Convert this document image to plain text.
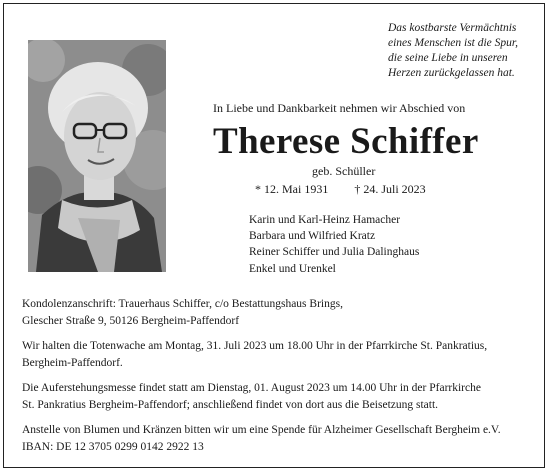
Das kostbarste Vermächtnis
eines Menschen ist die Spur,
die seine Liebe in unseren
Herzen zurückgelassen hat.
In Liebe und Dankbarkeit nehmen wir Abschied von
Therese Schiffer
geb. Schüller
* 12. Mai 1931 † 24. Juli 2023
Karin und Karl-Heinz Hamacher
Barbara und Wilfried Kratz
Reiner Schiffer und Julia Dalinghaus
Enkel und Urenkel
Kondolenzanschrift: Trauerhaus Schiffer, c/o Bestattungshaus Brings,
Glescher Straße 9, 50126 Bergheim-Paffendorf
Wir halten die Totenwache am Montag, 31. Juli 2023 um 18.00 Uhr in der Pfarrkirche St. Pankratius,
Bergheim-Paffendorf.
Die Auferstehungsmesse findet statt am Dienstag, 01. August 2023 um 14.00 Uhr in der Pfarrkirche
St. Pankratius Bergheim-Paffendorf; anschließend findet von dort aus die Beisetzung statt.
Anstelle von Blumen und Kränzen bitten wir um eine Spende für Alzheimer Gesellschaft Bergheim e.V.
IBAN: DE 12 3705 0299 0142 2922 13
